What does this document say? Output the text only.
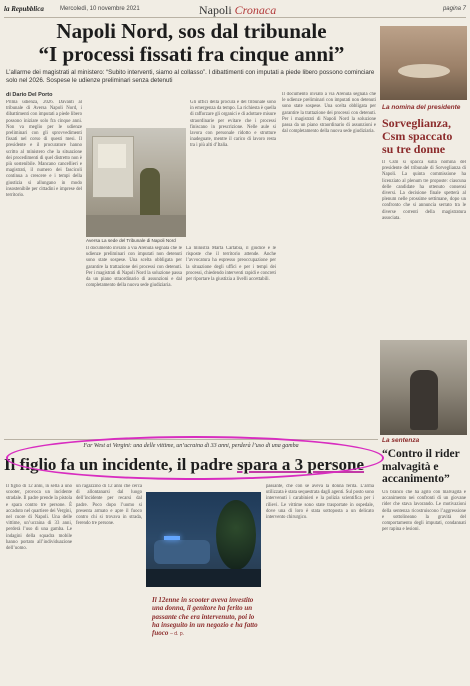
la Repubblica	Mercoledì, 10 novembre 2021	Napoli Cronaca	pagina 7
Napoli Nord, sos dal tribunale
“I processi fissati fra cinque anni”
L’allarme dei magistrati al ministero: “Subito interventi, siamo al collasso”. I dibattimenti con imputati a piede libero possono cominciare solo nel 2026. Sospese le udienze preliminari senza detenuti
di Dario Del Porto
Prima udienza, 2026. Davanti al tribunale di Aversa Napoli Nord, i dibattimenti con imputati a piede libero possono iniziare solo fra cinque anni. Non va meglio per le udienze preliminari con gli sprovvedimenti fissati nel corso di questi mesi. Il presidente e il procuratore hanno scritto al ministero che la situazione dei procedimenti di quel distretto non è più sostenibile. Mancano cancellieri e magistrati, il numero dei fascicoli continua a crescere e i tempi della giustizia si allungano in modo insostenibile per cittadini e imprese del territorio.
Aversa La sede del Tribunale di Napoli Nord
Gli uffici della procura e del tribunale sono in emergenza da tempo. La richiesta è quella di rafforzare gli organici e di adottare misure straordinarie per evitare che i processi finiscano in prescrizione. Nelle aule si lavora con personale ridotto e strutture inadeguate, mentre il carico di lavoro resta tra i più alti d’Italia.
Il documento inviato a via Arenula segnala che le udienze preliminari con imputati non detenuti sono state sospese. Una scelta obbligata per garantire la trattazione dei processi con detenuti. Per i magistrati di Napoli Nord la soluzione passa da un piano straordinario di assunzioni e dal completamento della nuova sede giudiziaria.
La ministra Marta Cartabia, il giudice e le risposte che il territorio attende. Anche l’avvocatura ha espresso preoccupazione per la situazione degli uffici e per i tempi dei processi, chiedendo interventi rapidi e concreti per riportare la giustizia a livelli accettabili.
Il documento inviato a via Arenula segnala che le udienze preliminari con imputati non detenuti sono state sospese. Una scelta obbligata per garantire la trattazione dei processi con detenuti. Per i magistrati di Napoli Nord la soluzione passa da un piano straordinario di assunzioni e dal completamento della nuova sede giudiziaria.
La nomina del presidente
Sorveglianza, Csm spaccato su tre donne
Il Csm si spacca sulla nomina del presidente del tribunale di Sorveglianza di Napoli. La quinta commissione ha licenziato al plenum tre proposte: ciascuna delle candidate ha ottenuto consensi diversi. La decisione finale spetterà al plenum nelle prossime settimane, dopo un confronto che si annuncia serrato tra le diverse correnti della magistratura associata.
La sentenza
“Contro il rider malvagità e accanimento”
Un branco che ha agito con malvagità e accanimento nei confronti di un giovane rider che stava lavorando. Le motivazioni della sentenza ricostruiscono l’aggressione e sottolineano la gravità del comportamento degli imputati, condannati per rapina e lesioni.
Far West ai Vergini: una delle vittime, un’ucraina di 33 anni, perderà l’uso di una gamba
Il figlio fa un incidente, il padre spara a 3 persone
Il figlio di 12 anni, in sella a uno scooter, provoca un incidente stradale. Il padre prende la pistola e spara contro tre persone. È accaduto nel quartiere dei Vergini, nel cuore di Napoli. Una delle vittime, un’ucraina di 33 anni, perderà l’uso di una gamba. Le indagini della squadra mobile hanno portato all’individuazione dell’uomo.
un ragazzino di 12 anni che cerca di allontanarsi dal luogo dell’incidente per recarsi dal padre. Poco dopo l’uomo si presenta armato e apre il fuoco contro chi si trovava in strada, ferendo tre persone.
Il 12enne in scooter aveva investito una donna, il genitore ha ferito un passante che era intervenuto, poi lo ha inseguito in un negozio e ha fatto fuoco – d. p.
passante, che con sé aveva la donna ferita. L’arma utilizzata è stata sequestrata dagli agenti. Sul posto sono intervenuti i carabinieri e la polizia scientifica per i rilievi. Le vittime sono state trasportate in ospedale, dove una di loro è stata sottoposta a un delicato intervento chirurgico.
